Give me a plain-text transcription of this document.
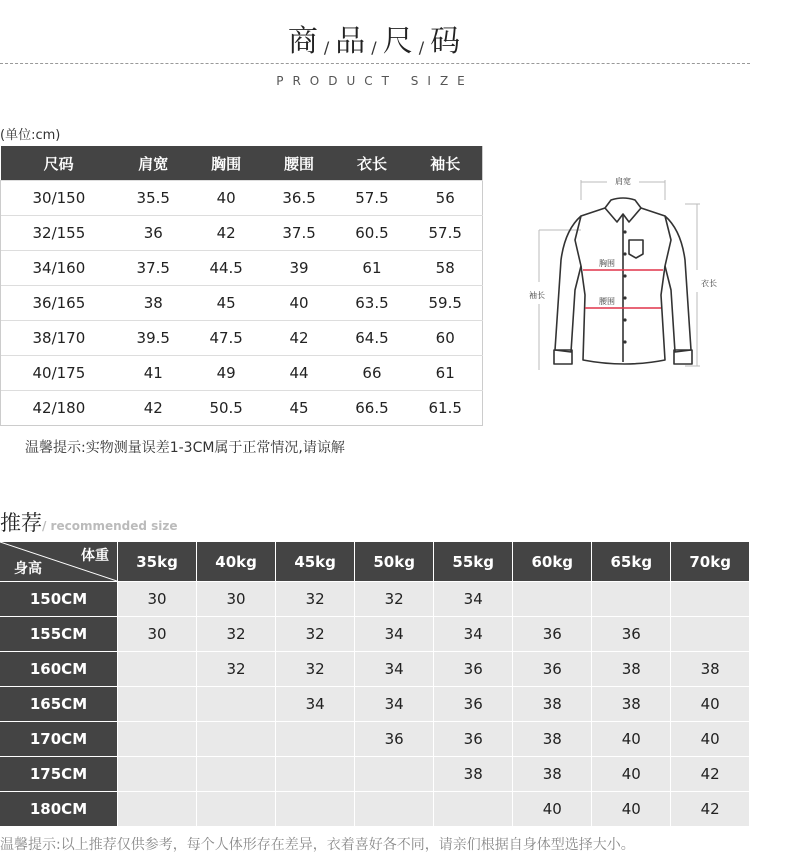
商 / 品 / 尺 / 码
PRODUCT SIZE
(单位:cm)
尺码	肩宽	胸围	腰围	衣长	袖长
30/150	35.5	40	36.5	57.5	56
32/155	36	42	37.5	60.5	57.5
34/160	37.5	44.5	39	61	58
36/165	38	45	40	63.5	59.5
38/170	39.5	47.5	42	64.5	60
40/175	41	49	44	66	61
42/180	42	50.5	45	66.5	61.5
温馨提示:实物测量误差1-3CM属于正常情况,请谅解
肩宽
胸围
腰围
袖长
衣长
推荐/ recommended size
体重
身高	35kg	40kg	45kg	50kg	55kg	60kg	65kg	70kg
150CM	30	30	32	32	34			
155CM	30	32	32	34	34	36	36	
160CM		32	32	34	36	36	38	38
165CM			34	34	36	38	38	40
170CM				36	36	38	40	40
175CM					38	38	40	42
180CM						40	40	42
温馨提示:以上推荐仅供参考，每个人体形存在差异，衣着喜好各不同，请亲们根据自身体型选择大小。
